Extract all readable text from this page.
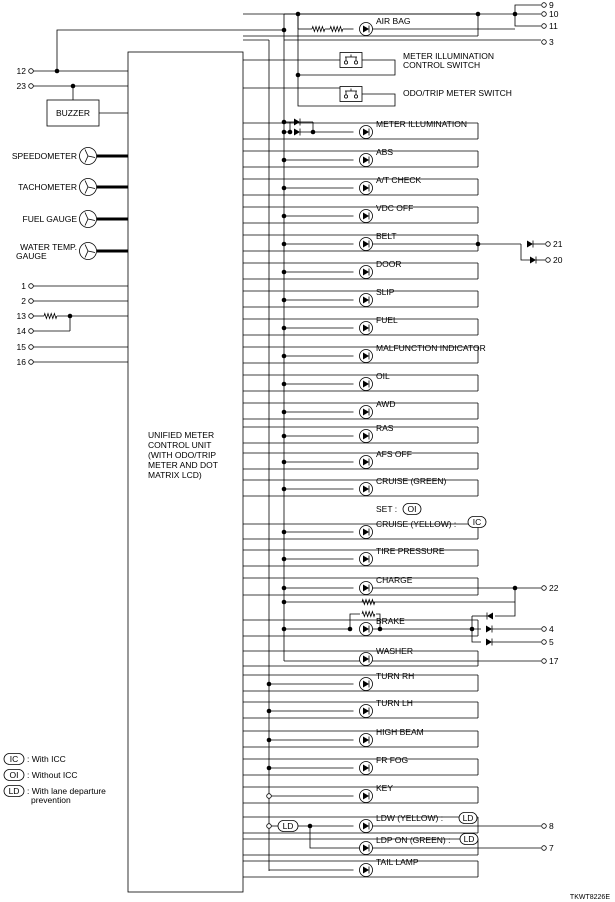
UNIFIED METER
CONTROL UNIT
(WITH ODO/TRIP
METER AND DOT
MATRIX LCD)
12
23
BUZZER
SPEEDOMETER
TACHOMETER
FUEL GAUGE
WATER TEMP.
GAUGE
1
2
13
14
15
16
AIR BAG
METER ILLUMINATION
ABS
A/T CHECK
VDC OFF
BELT
DOOR
SLIP
FUEL
MALFUNCTION INDICATOR
OIL
AWD
RAS
AFS OFF
CRUISE (GREEN)
CRUISE (YELLOW) :
TIRE PRESSURE
CHARGE
BRAKE
WASHER
TURN RH
TURN LH
HIGH BEAM
FR FOG
KEY
LDW (YELLOW) :
LDP ON (GREEN) :
TAIL LAMP
9
10
11
3
METER ILLUMINATION
CONTROL SWITCH
ODO/TRIP METER SWITCH
21
20
SET : OI
IC
22
4
5
17
LD	8
7
LD
LD
IC : With ICC
OI : Without ICC
LD : With lane departure
prevention
TKWT8226E
